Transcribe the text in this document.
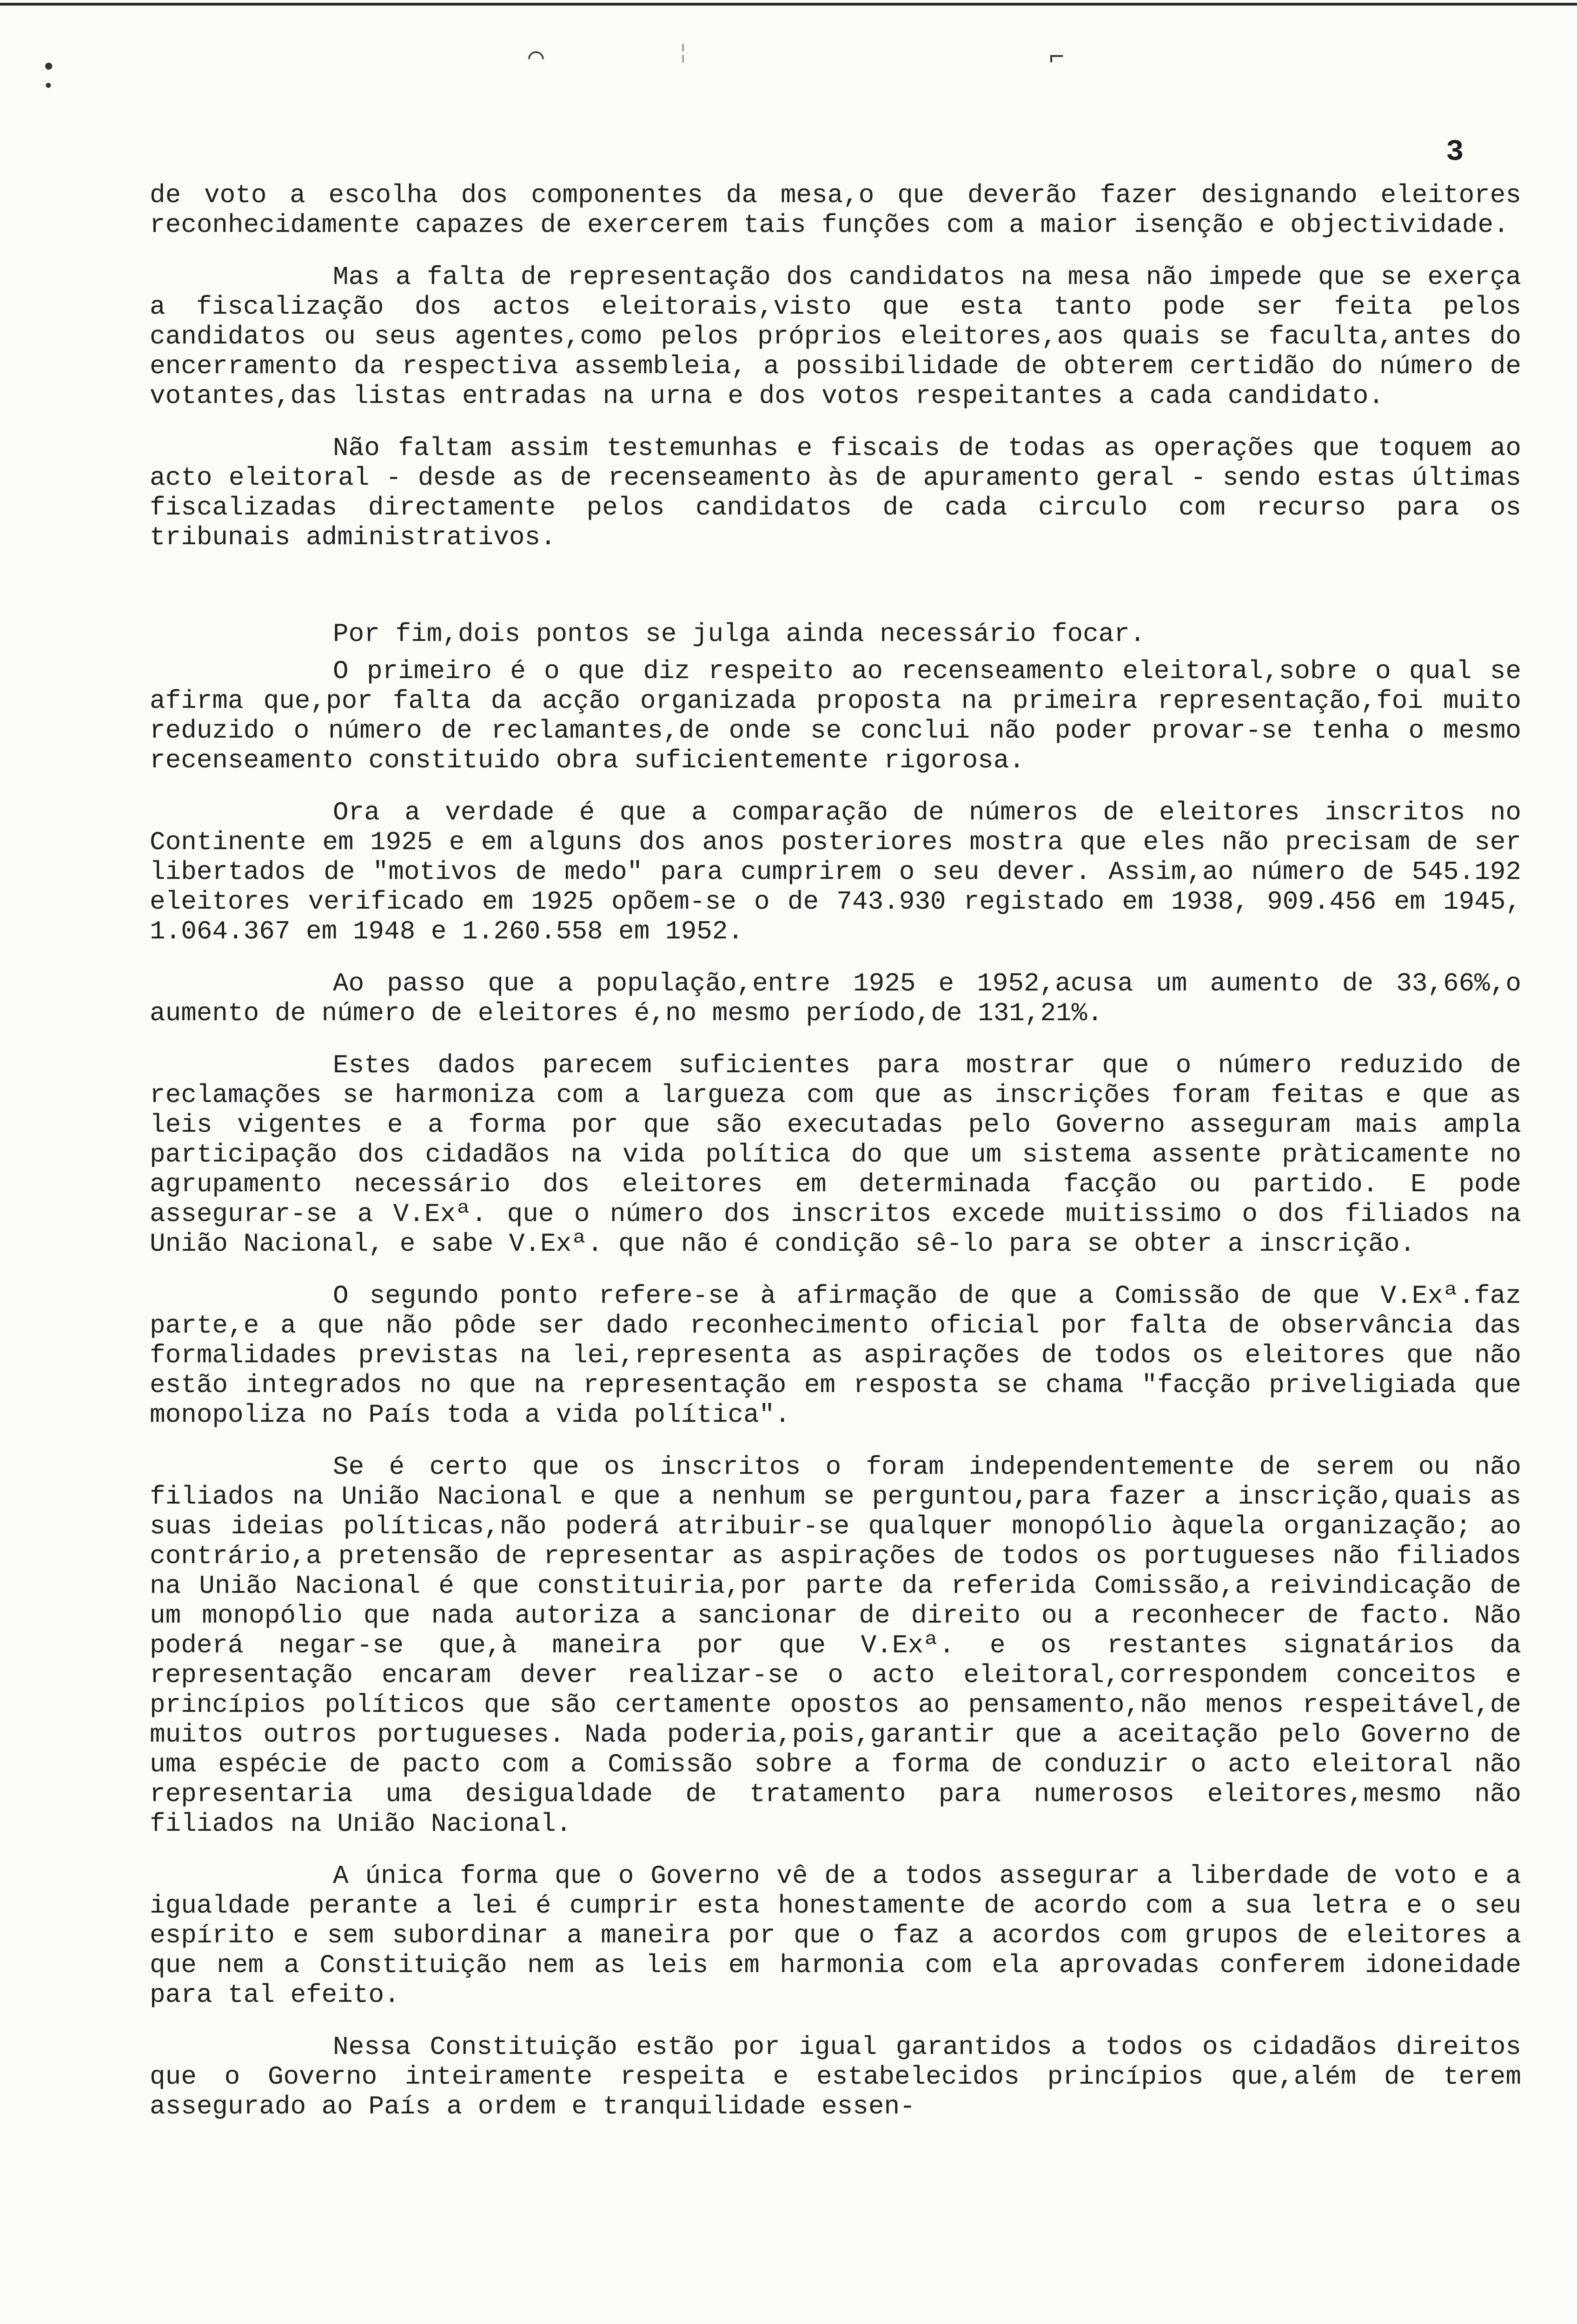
•
•
⌒	¦	⌐
3

de voto a escolha dos componentes da mesa,o que deverão fazer designando eleitores reconhecidamente capazes de exercerem tais funções com a maior isenção e objectividade.

Mas a falta de representação dos candidatos na mesa não impede que se exerça a fiscalização dos actos eleitorais,visto que esta tanto pode ser feita pelos candidatos ou seus agentes,como pelos próprios eleitores,aos quais se faculta,antes do encerramento da respectiva assembleia, a possibilidade de obterem certidão do número de votantes,das listas entradas na urna e dos votos respeitantes a cada candidato.

Não faltam assim testemunhas e fiscais de todas as operações que toquem ao acto eleitoral - desde as de recenseamento às de apuramento geral - sendo estas últimas fiscalizadas directamente pelos candidatos de cada circulo com recurso para os tribunais administrativos.

Por fim,dois pontos se julga ainda necessário focar.

O primeiro é o que diz respeito ao recenseamento eleitoral,sobre o qual se afirma que,por falta da acção organizada proposta na primeira representação,foi muito reduzido o número de reclamantes,de onde se conclui não poder provar-se tenha o mesmo recenseamento constituido obra suficientemente rigorosa.

Ora a verdade é que a comparação de números de eleitores inscritos no Continente em 1925 e em alguns dos anos posteriores mostra que eles não precisam de ser libertados de "motivos de medo" para cumprirem o seu dever. Assim,ao número de 545.192 eleitores verificado em 1925 opõem-se o de 743.930 registado em 1938, 909.456 em 1945, 1.064.367 em 1948 e 1.260.558 em 1952.

Ao passo que a população,entre 1925 e 1952,acusa um aumento de 33,66%,o aumento de número de eleitores é,no mesmo período,de 131,21%.

Estes dados parecem suficientes para mostrar que o número reduzido de reclamações se harmoniza com a largueza com que as inscrições foram feitas e que as leis vigentes e a forma por que são executadas pelo Governo asseguram mais ampla participação dos cidadãos na vida política do que um sistema assente pràticamente no agrupamento necessário dos eleitores em determinada facção ou partido. E pode assegurar-se a V.Exª. que o número dos inscritos excede muitissimo o dos filiados na União Nacional, e sabe V.Exª. que não é condição sê-lo para se obter a inscrição.

O segundo ponto refere-se à afirmação de que a Comissão de que V.Exª.faz parte,e a que não pôde ser dado reconhecimento oficial por falta de observância das formalidades previstas na lei,representa as aspirações de todos os eleitores que não estão integrados no que na representação em resposta se chama "facção priveligiada que monopoliza no País toda a vida política".

Se é certo que os inscritos o foram independentemente de serem ou não filiados na União Nacional e que a nenhum se perguntou,para fazer a inscrição,quais as suas ideias políticas,não poderá atribuir-se qualquer monopólio àquela organização; ao contrário,a pretensão de representar as aspirações de todos os portugueses não filiados na União Nacional é que constituiria,por parte da referida Comissão,a reivindicação de um monopólio que nada autoriza a sancionar de direito ou a reconhecer de facto. Não poderá negar-se que,à maneira por que V.Exª. e os restantes signatários da representação encaram dever realizar-se o acto eleitoral,correspondem conceitos e princípios políticos que são certamente opostos ao pensamento,não menos respeitável,de muitos outros portugueses. Nada poderia,pois,garantir que a aceitação pelo Governo de uma espécie de pacto com a Comissão sobre a forma de conduzir o acto eleitoral não representaria uma desigualdade de tratamento para numerosos eleitores,mesmo não filiados na União Nacional.

A única forma que o Governo vê de a todos assegurar a liberdade de voto e a igualdade perante a lei é cumprir esta honestamente de acordo com a sua letra e o seu espírito e sem subordinar a maneira por que o faz a acordos com grupos de eleitores a que nem a Constituição nem as leis em harmonia com ela aprovadas conferem idoneidade para tal efeito.

Nessa Constituição estão por igual garantidos a todos os cidadãos direitos que o Governo inteiramente respeita e estabelecidos princípios que,além de terem assegurado ao País a ordem e tranquilidade essen-
